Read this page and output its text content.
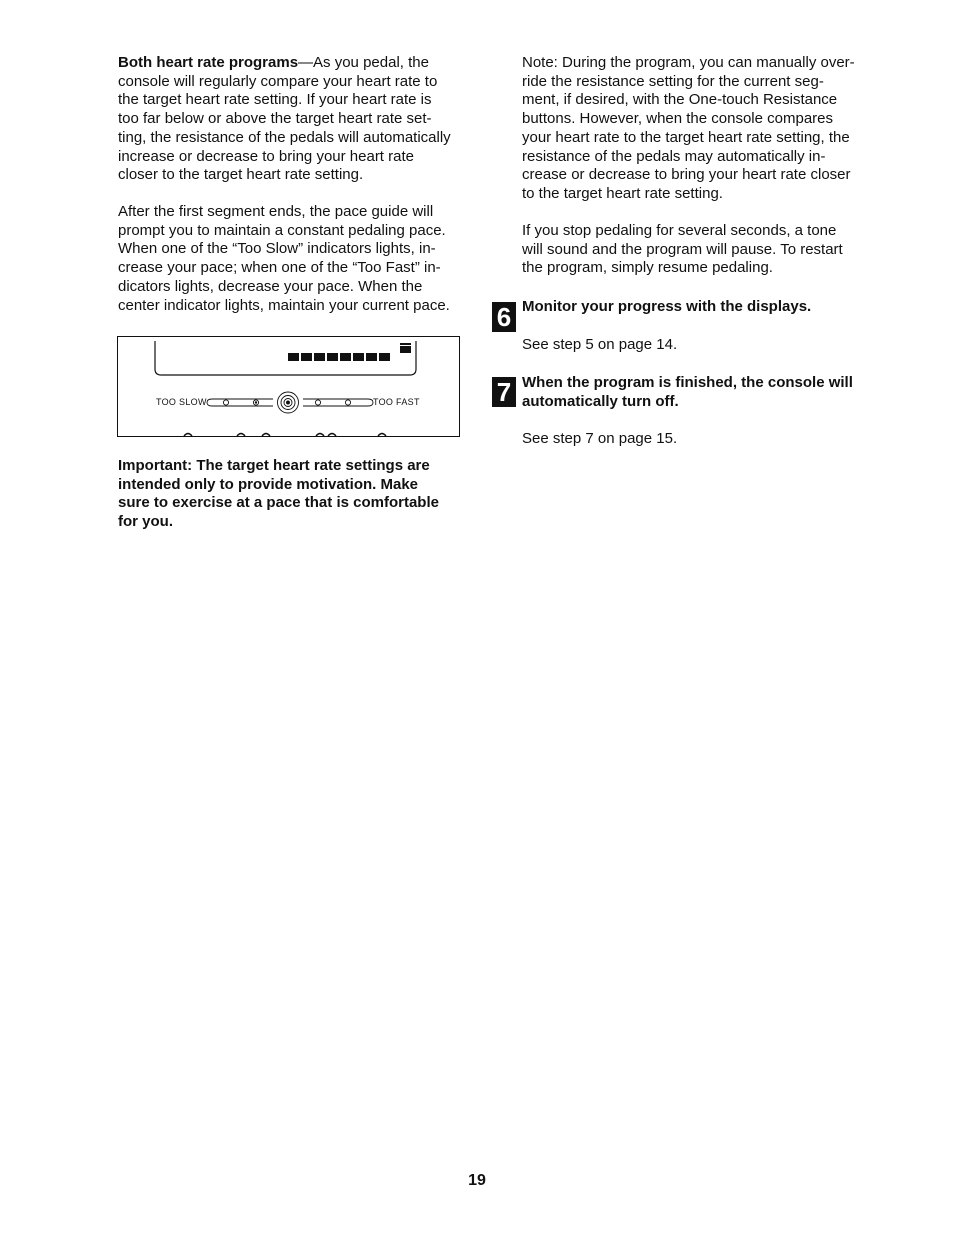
Both heart rate programs—As you pedal, the
console will regularly compare your heart rate to
the target heart rate setting. If your heart rate is
too far below or above the target heart rate set-
ting, the resistance of the pedals will automatically
increase or decrease to bring your heart rate
closer to the target heart rate setting.

After the first segment ends, the pace guide will
prompt you to maintain a constant pedaling pace.
When one of the “Too Slow” indicators lights, in-
crease your pace; when one of the “Too Fast” in-
dicators lights, decrease your pace. When the
center indicator lights, maintain your current pace.

TOO SLOW	TOO FAST

Important: The target heart rate settings are
intended only to provide motivation. Make
sure to exercise at a pace that is comfortable
for you.

Note: During the program, you can manually over-
ride the resistance setting for the current seg-
ment, if desired, with the One-touch Resistance
buttons. However, when the console compares
your heart rate to the target heart rate setting, the
resistance of the pedals may automatically in-
crease or decrease to bring your heart rate closer
to the target heart rate setting.

If you stop pedaling for several seconds, a tone
will sound and the program will pause. To restart
the program, simply resume pedaling.

6 Monitor your progress with the displays.

See step 5 on page 14.

7 When the program is finished, the console will
automatically turn off.

See step 7 on page 15.

19
